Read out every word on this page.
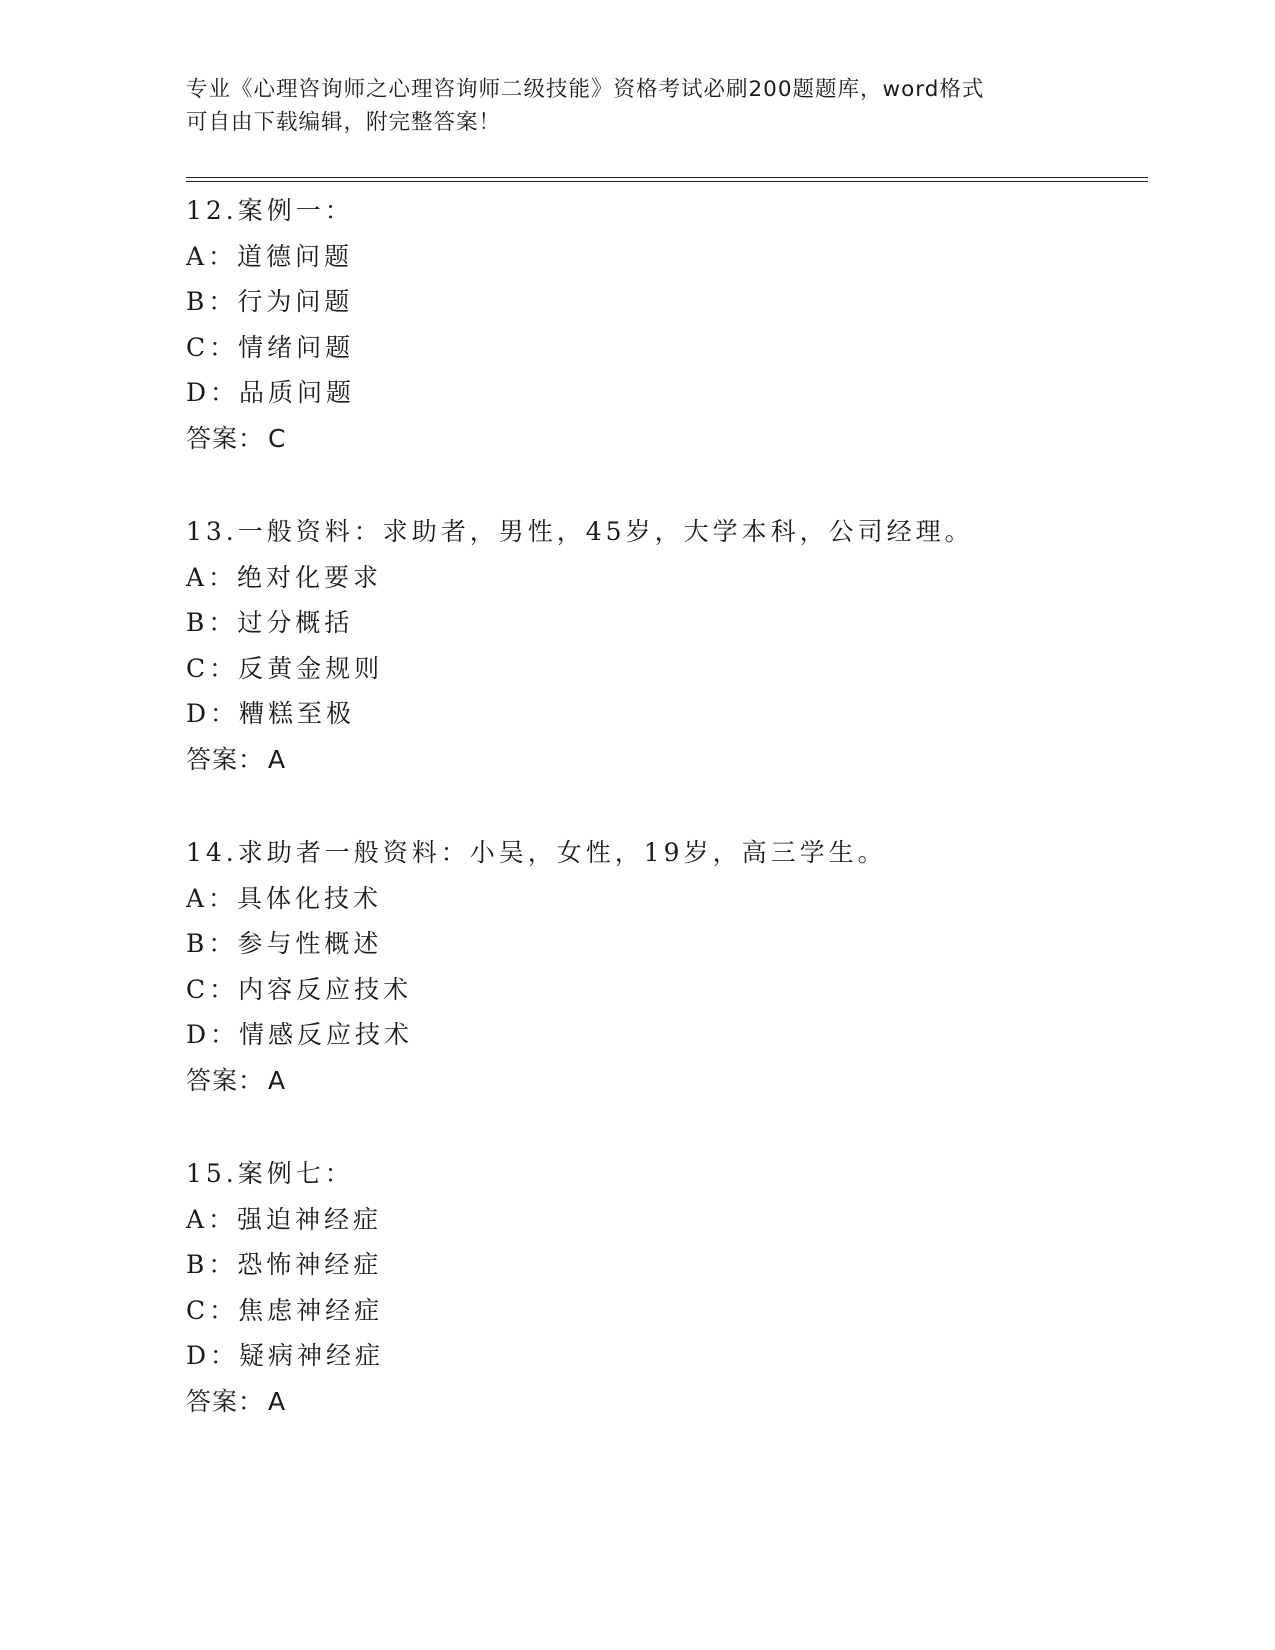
专业《心理咨询师之心理咨询师二级技能》资格考试必刷200题题库，word格式
可自由下载编辑，附完整答案！
12.案例一：
A：道德问题
B：行为问题
C：情绪问题
D：品质问题
答案： C
13.一般资料：求助者，男性，45岁，大学本科，公司经理。
A：绝对化要求
B：过分概括
C：反黄金规则
D：糟糕至极
答案： A
14.求助者一般资料：小吴，女性，19岁，高三学生。
A：具体化技术
B：参与性概述
C：内容反应技术
D：情感反应技术
答案： A
15.案例七：
A：强迫神经症
B：恐怖神经症
C：焦虑神经症
D：疑病神经症
答案： A
